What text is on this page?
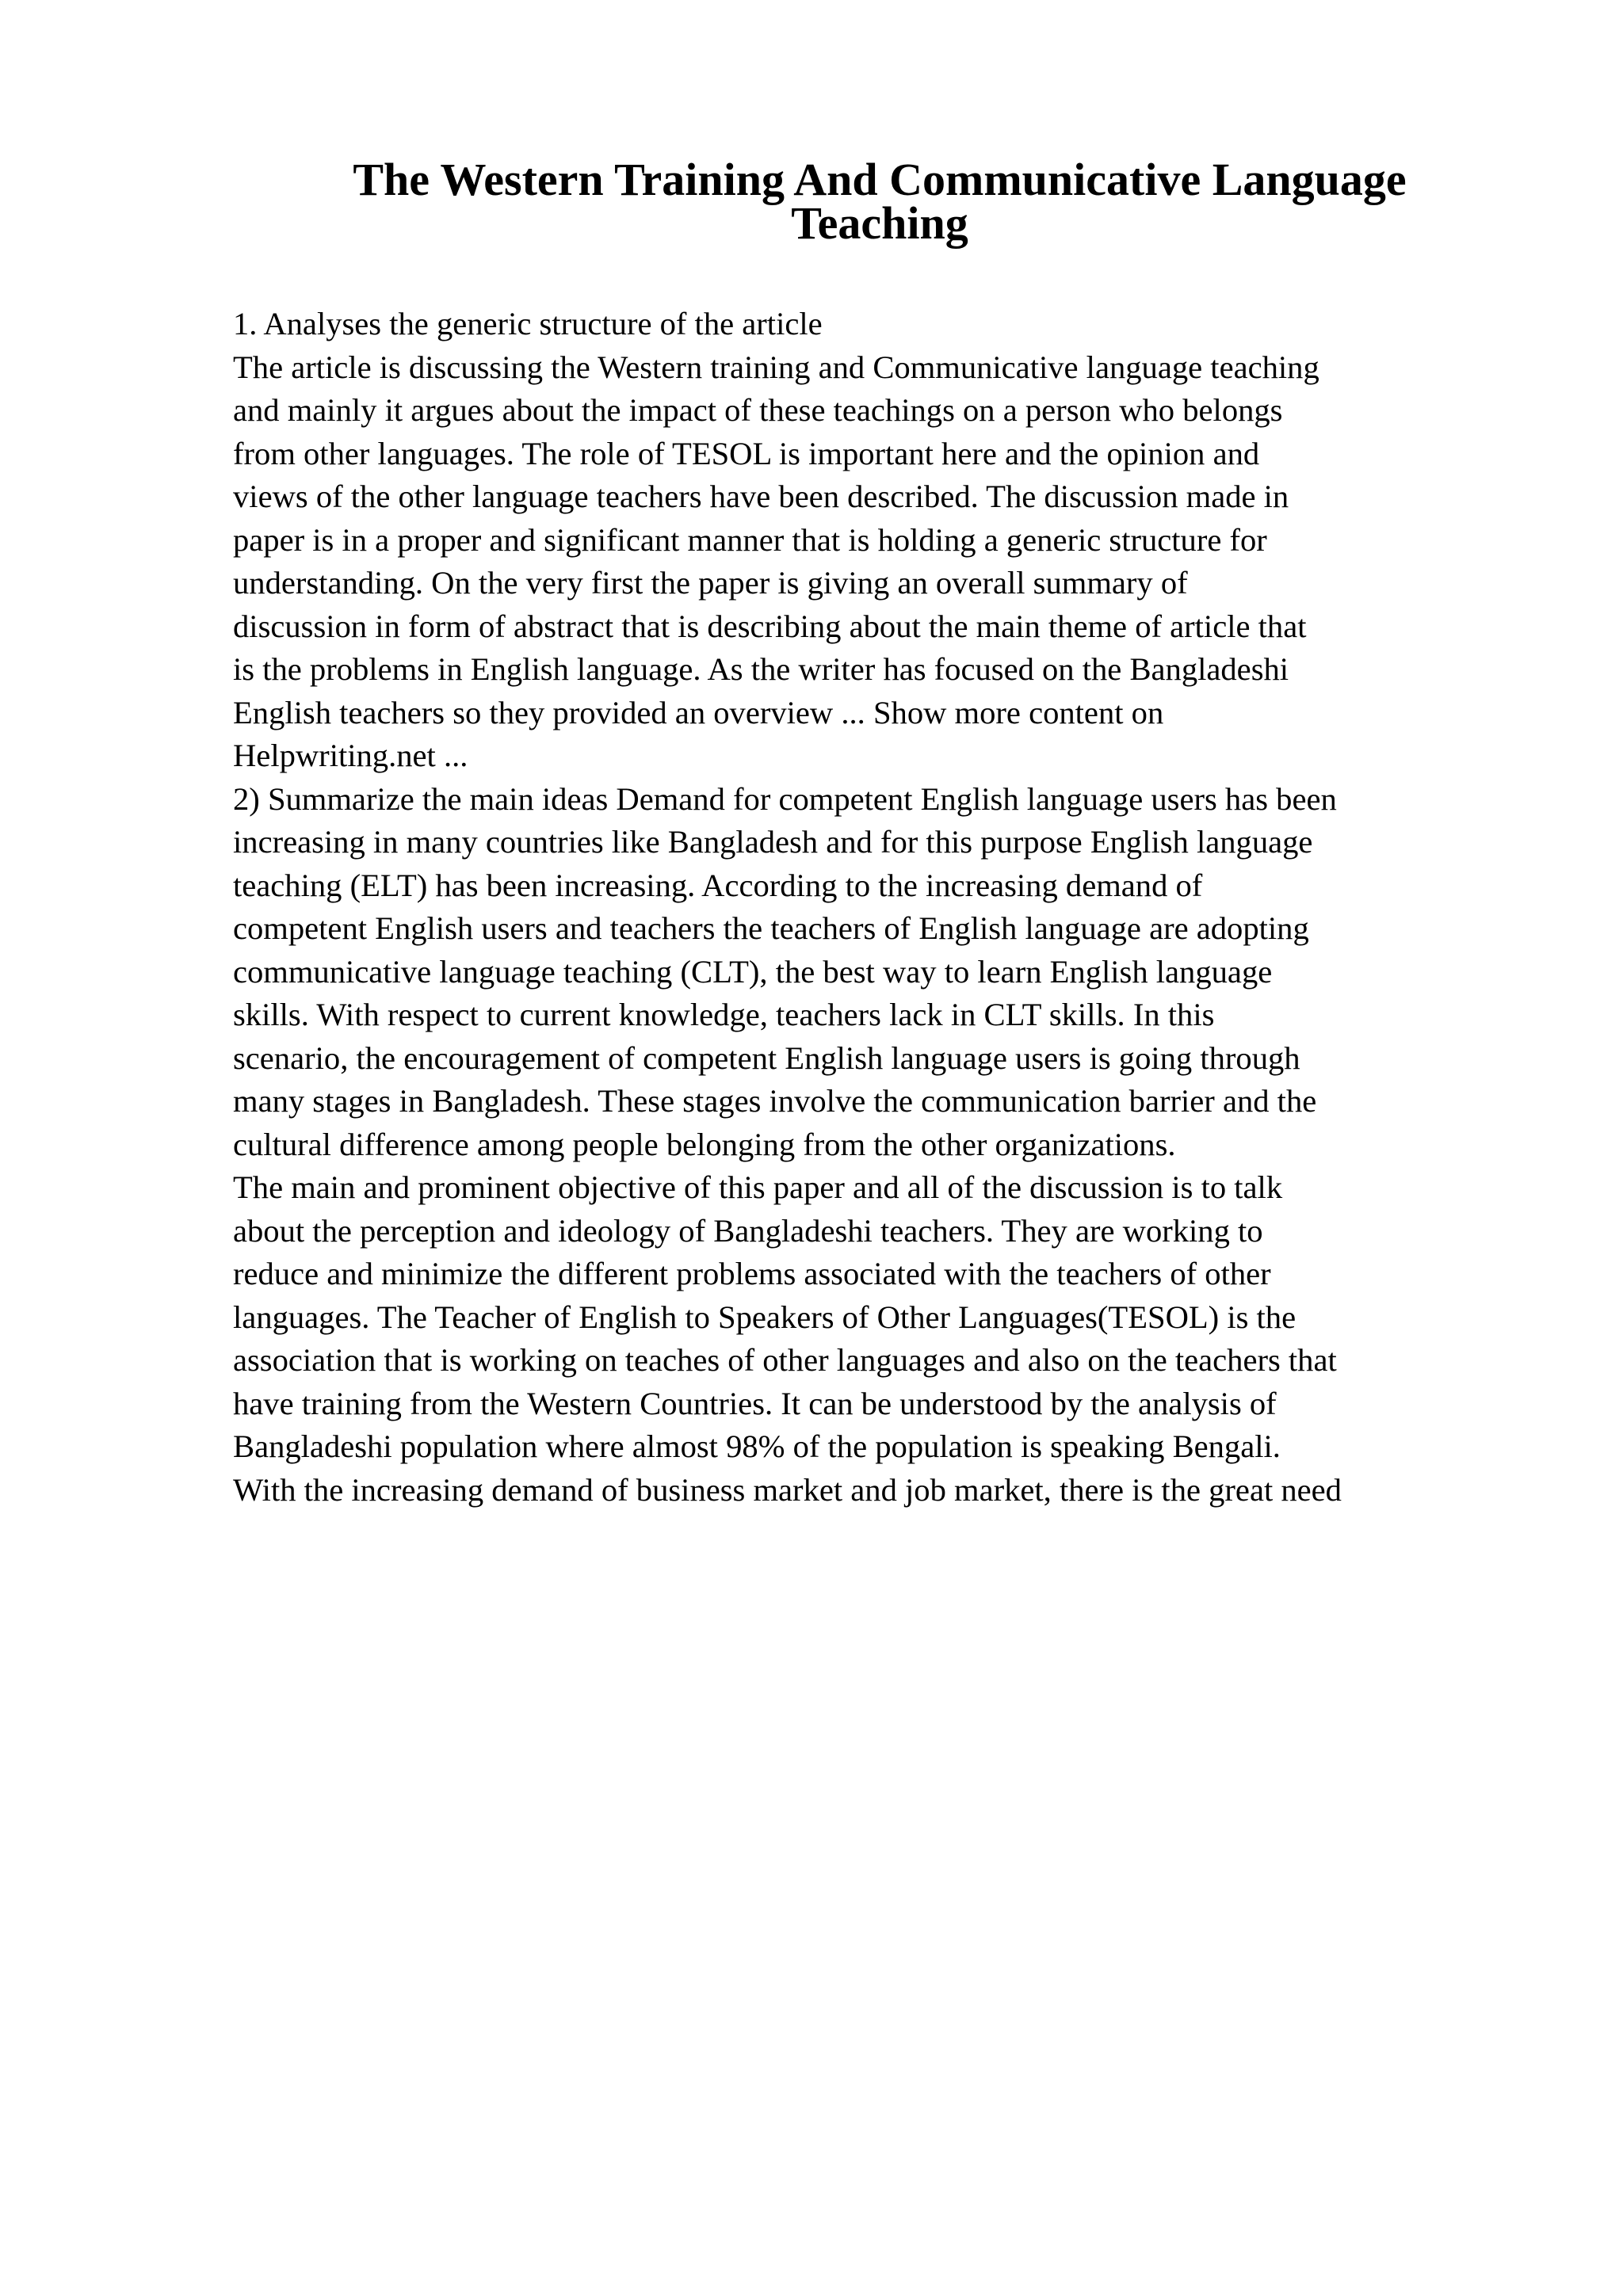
The Western Training And Communicative Language
Teaching
1. Analyses the generic structure of the article
The article is discussing the Western training and Communicative language teaching
and mainly it argues about the impact of these teachings on a person who belongs
from other languages. The role of TESOL is important here and the opinion and
views of the other language teachers have been described. The discussion made in
paper is in a proper and significant manner that is holding a generic structure for
understanding. On the very first the paper is giving an overall summary of
discussion in form of abstract that is describing about the main theme of article that
is the problems in English language. As the writer has focused on the Bangladeshi
English teachers so they provided an overview ... Show more content on
Helpwriting.net ...
2) Summarize the main ideas Demand for competent English language users has been
increasing in many countries like Bangladesh and for this purpose English language
teaching (ELT) has been increasing. According to the increasing demand of
competent English users and teachers the teachers of English language are adopting
communicative language teaching (CLT), the best way to learn English language
skills. With respect to current knowledge, teachers lack in CLT skills. In this
scenario, the encouragement of competent English language users is going through
many stages in Bangladesh. These stages involve the communication barrier and the
cultural difference among people belonging from the other organizations.
The main and prominent objective of this paper and all of the discussion is to talk
about the perception and ideology of Bangladeshi teachers. They are working to
reduce and minimize the different problems associated with the teachers of other
languages. The Teacher of English to Speakers of Other Languages(TESOL) is the
association that is working on teaches of other languages and also on the teachers that
have training from the Western Countries. It can be understood by the analysis of
Bangladeshi population where almost 98% of the population is speaking Bengali.
With the increasing demand of business market and job market, there is the great need
